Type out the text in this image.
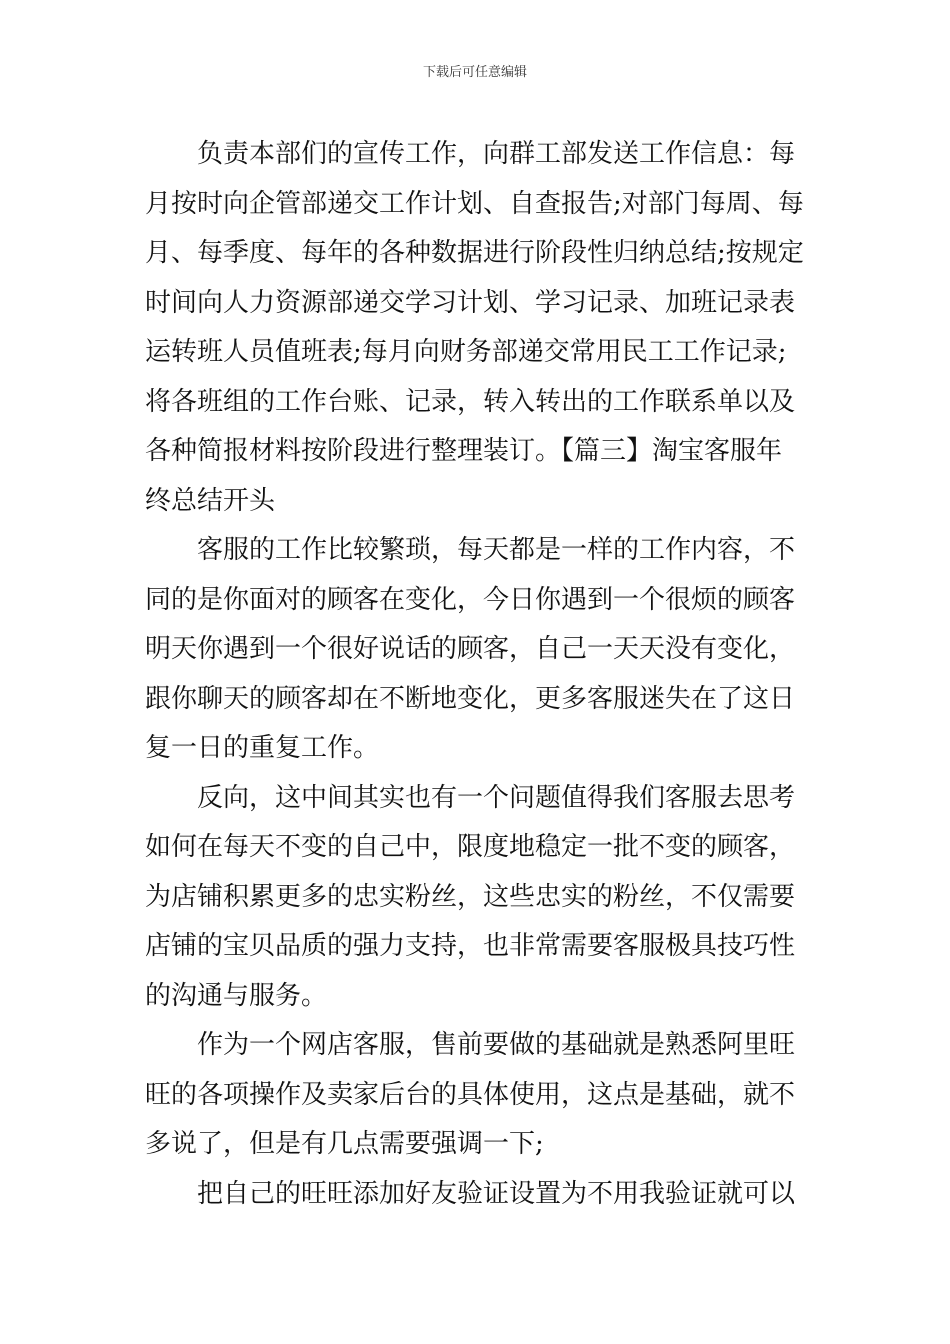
下载后可任意编辑

负责本部们的宣传工作，向群工部发送工作信息：每
月按时向企管部递交工作计划、自查报告;对部门每周、每
月、每季度、每年的各种数据进行阶段性归纳总结;按规定
时间向人力资源部递交学习计划、学习记录、加班记录表
运转班人员值班表;每月向财务部递交常用民工工作记录;
将各班组的工作台账、记录，转入转出的工作联系单以及
各种简报材料按阶段进行整理装订。【篇三】淘宝客服年
终总结开头

客服的工作比较繁琐，每天都是一样的工作内容，不
同的是你面对的顾客在变化，今日你遇到一个很烦的顾客
明天你遇到一个很好说话的顾客，自己一天天没有变化，
跟你聊天的顾客却在不断地变化，更多客服迷失在了这日
复一日的重复工作。

反向，这中间其实也有一个问题值得我们客服去思考
如何在每天不变的自己中，限度地稳定一批不变的顾客，
为店铺积累更多的忠实粉丝，这些忠实的粉丝，不仅需要
店铺的宝贝品质的强力支持，也非常需要客服极具技巧性
的沟通与服务。

作为一个网店客服，售前要做的基础就是熟悉阿里旺
旺的各项操作及卖家后台的具体使用，这点是基础，就不
多说了，但是有几点需要强调一下;

把自己的旺旺添加好友验证设置为不用我验证就可以
